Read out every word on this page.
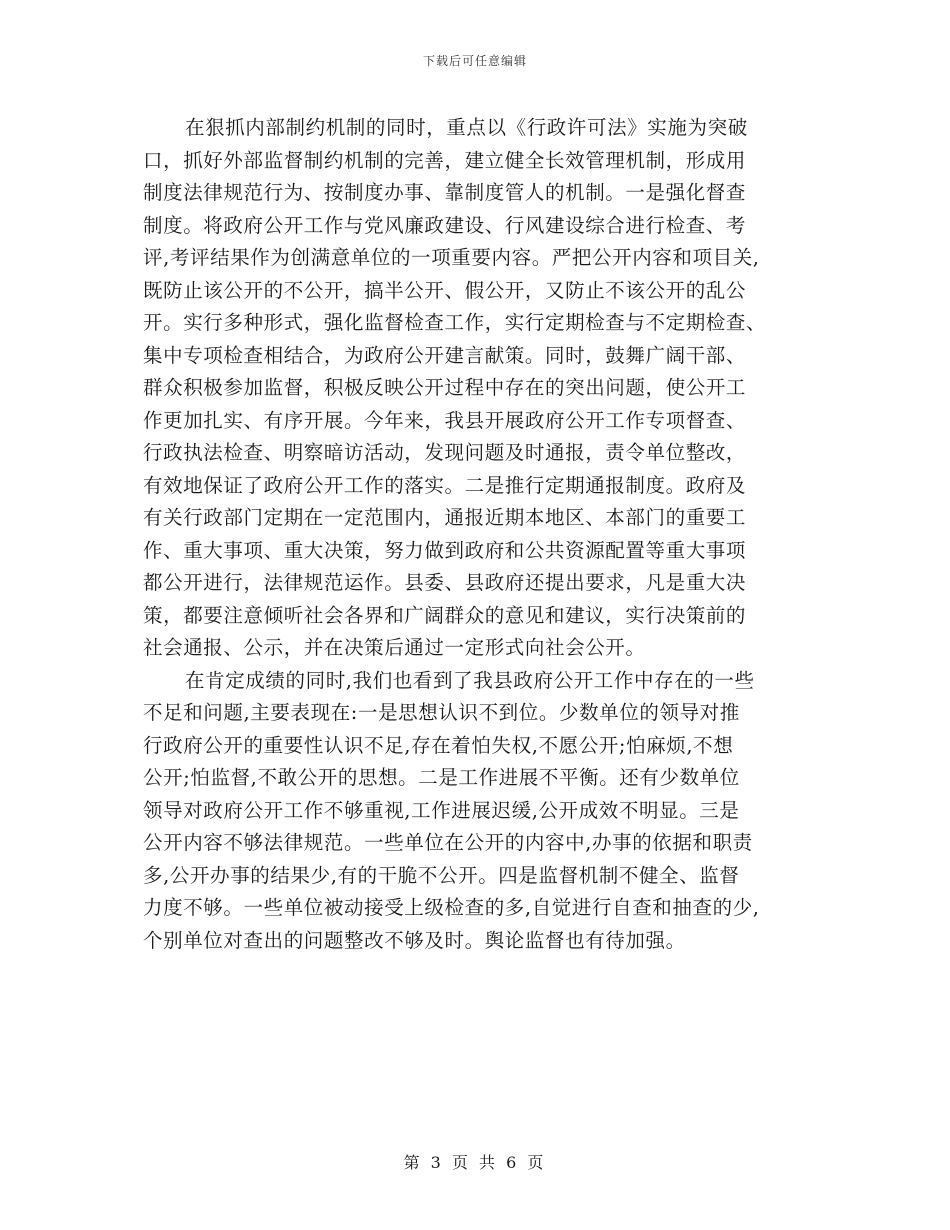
下载后可任意编辑
在狠抓内部制约机制的同时，重点以《行政许可法》实施为突破
口，抓好外部监督制约机制的完善，建立健全长效管理机制，形成用
制度法律规范行为、按制度办事、靠制度管人的机制。一是强化督查
制度。将政府公开工作与党风廉政建设、行风建设综合进行检查、考
评,考评结果作为创满意单位的一项重要内容。严把公开内容和项目关,
既防止该公开的不公开，搞半公开、假公开，又防止不该公开的乱公
开。实行多种形式，强化监督检查工作，实行定期检查与不定期检查、
集中专项检查相结合，为政府公开建言献策。同时，鼓舞广阔干部、
群众积极参加监督，积极反映公开过程中存在的突出问题，使公开工
作更加扎实、有序开展。今年来，我县开展政府公开工作专项督查、
行政执法检查、明察暗访活动，发现问题及时通报，责令单位整改，
有效地保证了政府公开工作的落实。二是推行定期通报制度。政府及
有关行政部门定期在一定范围内，通报近期本地区、本部门的重要工
作、重大事项、重大决策，努力做到政府和公共资源配置等重大事项
都公开进行，法律规范运作。县委、县政府还提出要求，凡是重大决
策，都要注意倾听社会各界和广阔群众的意见和建议，实行决策前的
社会通报、公示，并在决策后通过一定形式向社会公开。
在肯定成绩的同时,我们也看到了我县政府公开工作中存在的一些
不足和问题,主要表现在:一是思想认识不到位。少数单位的领导对推
行政府公开的重要性认识不足,存在着怕失权,不愿公开;怕麻烦,不想
公开;怕监督,不敢公开的思想。二是工作进展不平衡。还有少数单位
领导对政府公开工作不够重视,工作进展迟缓,公开成效不明显。三是
公开内容不够法律规范。一些单位在公开的内容中,办事的依据和职责
多,公开办事的结果少,有的干脆不公开。四是监督机制不健全、监督
力度不够。一些单位被动接受上级检查的多,自觉进行自查和抽查的少,
个别单位对查出的问题整改不够及时。舆论监督也有待加强。
第 3 页 共 6 页
